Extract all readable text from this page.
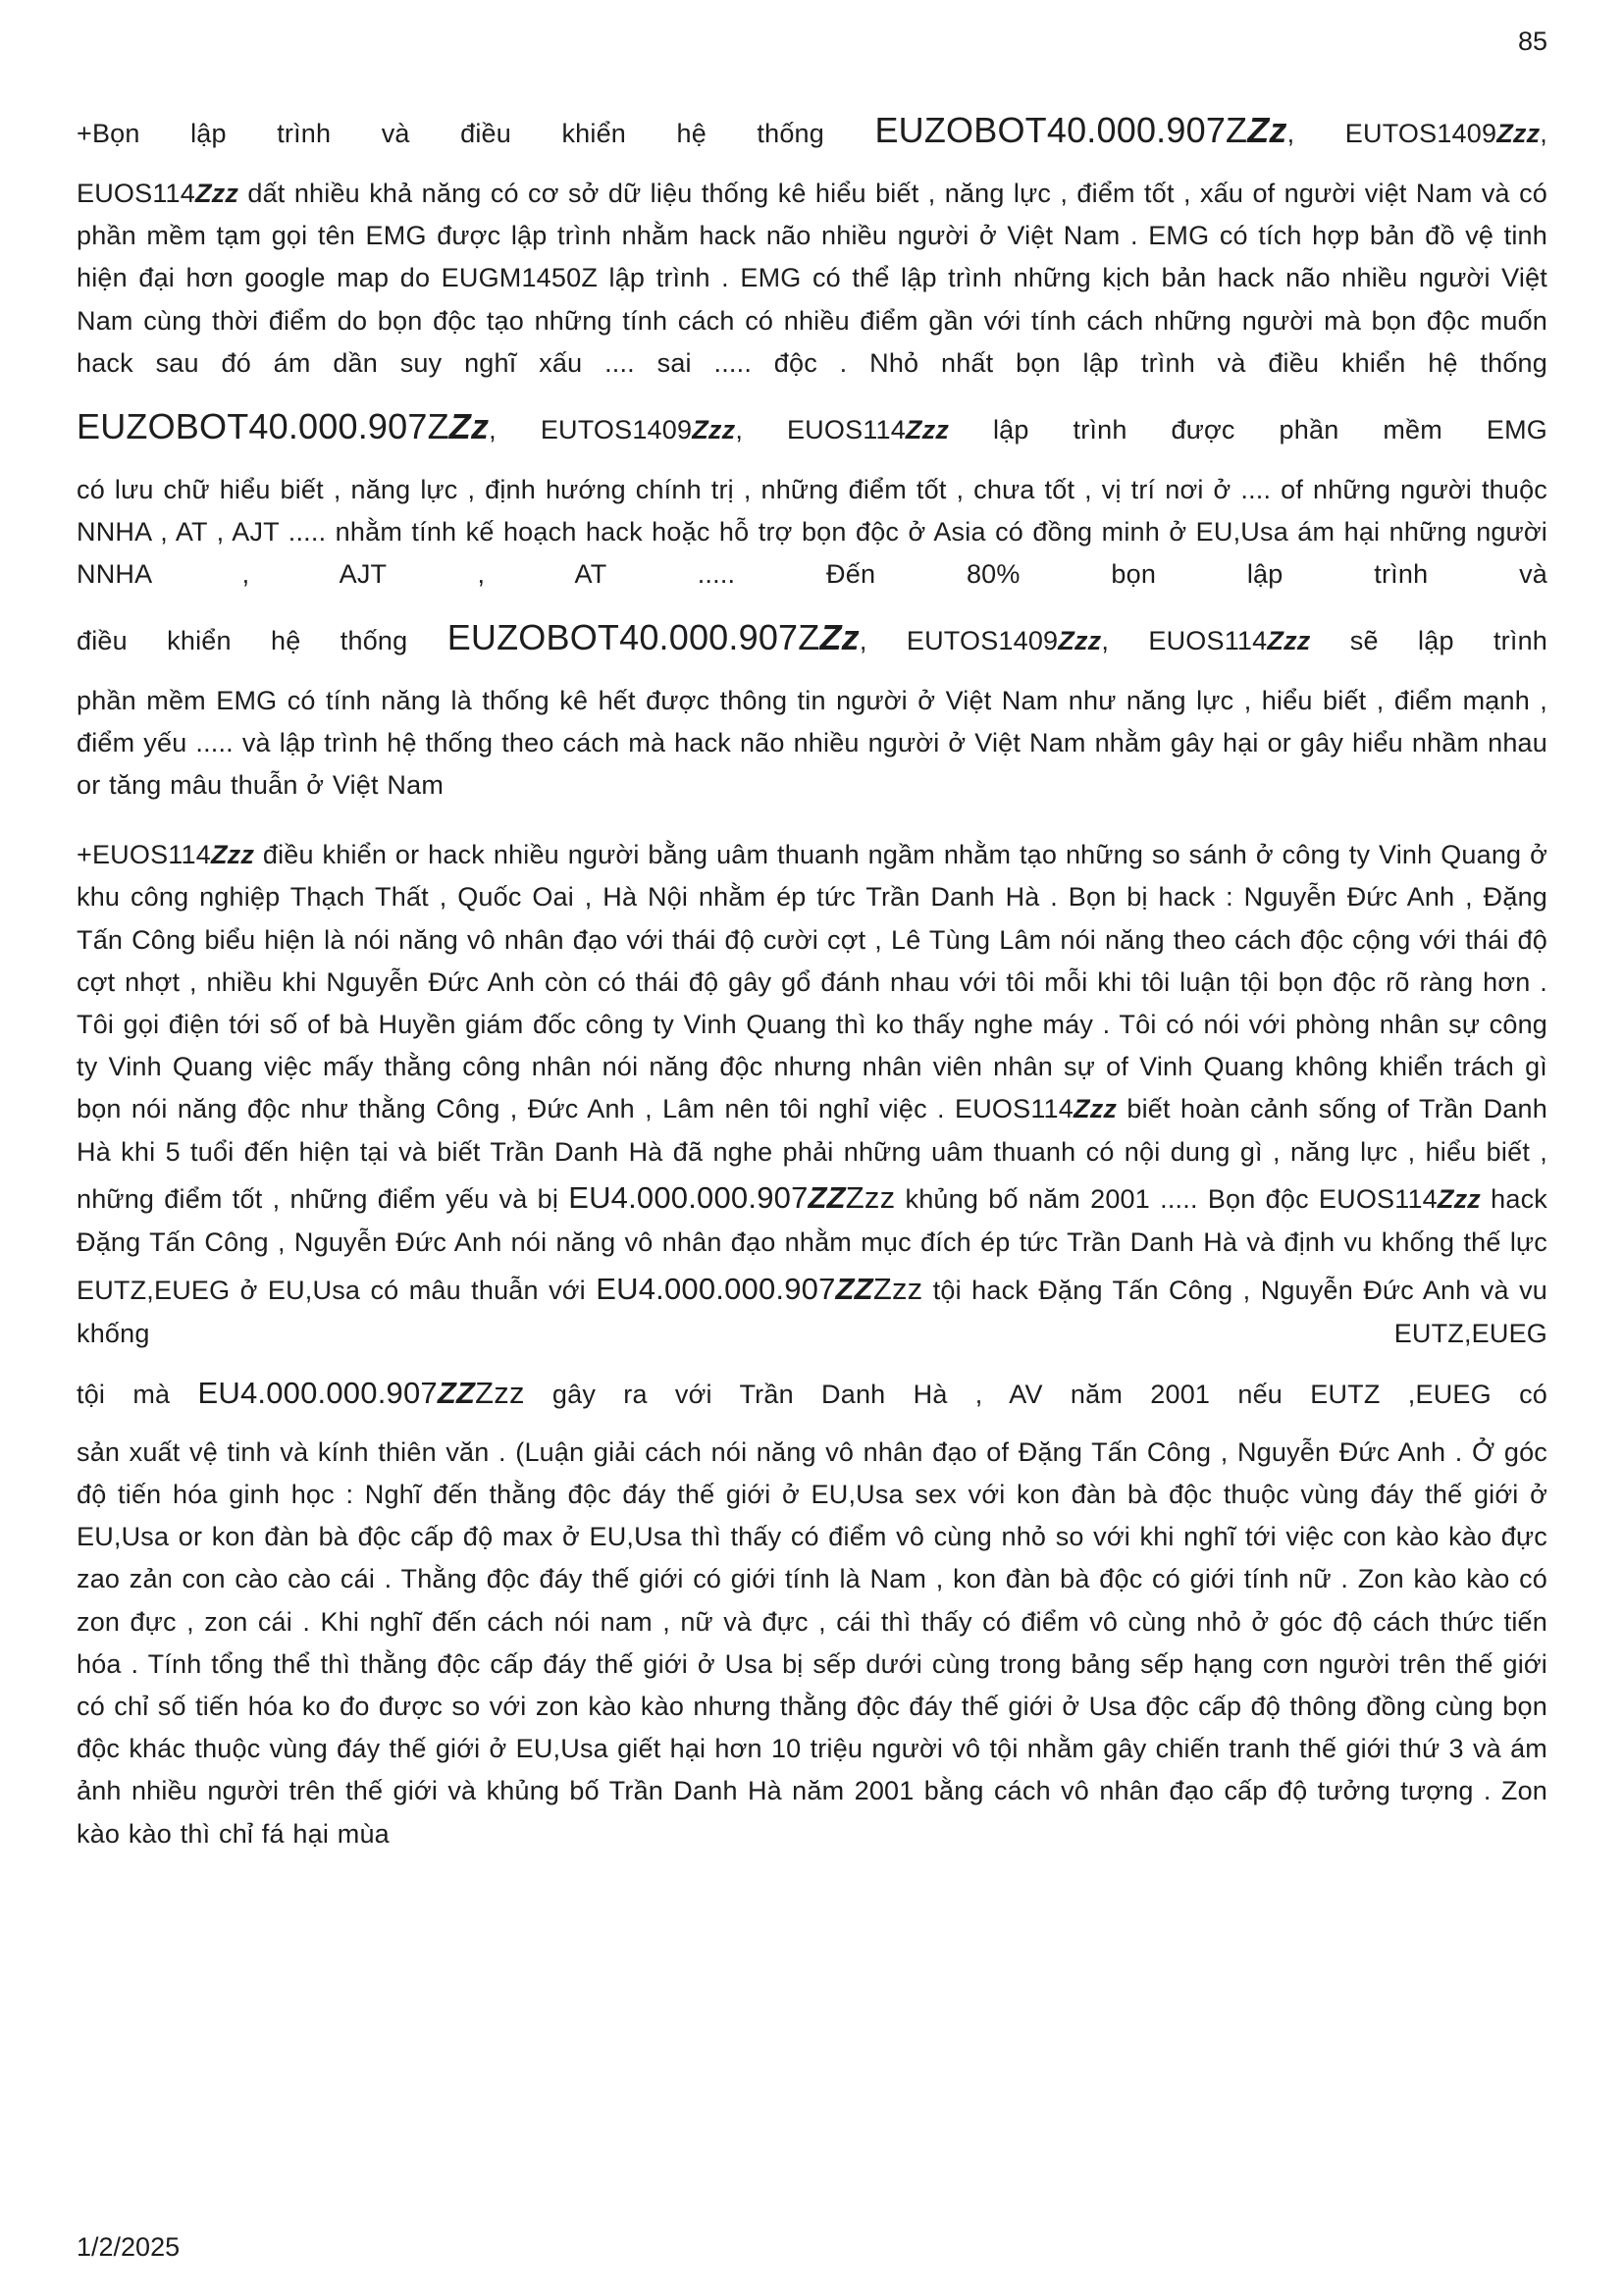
85

+Bọn lập trình và điều khiển hệ thống EUZOBOT40.000.907ZZz, EUTOS1409Zzz,

EUOS114Zzz dất nhiều khả năng có cơ sở dữ liệu thống kê hiểu biết , năng lực , điểm tốt , xấu of người việt Nam và có phần mềm tạm gọi tên EMG được lập trình nhằm hack não nhiều người ở Việt Nam . EMG có tích hợp bản đồ vệ tinh hiện đại hơn google map do EUGM1450Z lập trình . EMG có thể lập trình những kịch bản hack não nhiều người Việt Nam cùng thời điểm do bọn độc tạo những tính cách có nhiều điểm gần với tính cách những người mà bọn độc muốn hack sau đó ám dần suy nghĩ xấu .... sai ..... độc . Nhỏ nhất bọn lập trình và điều khiển hệ thống

EUZOBOT40.000.907ZZz, EUTOS1409Zzz, EUOS114Zzz lập trình được phần mềm EMG

có lưu chữ hiểu biết , năng lực , định hướng chính trị , những điểm tốt , chưa tốt , vị trí nơi ở .... of những người thuộc NNHA , AT , AJT ..... nhằm tính kế hoạch hack hoặc hỗ trợ bọn độc ở Asia có đồng minh ở EU,Usa ám hại những người NNHA , AJT , AT ..... Đến 80% bọn lập trình và

điều khiển hệ thống EUZOBOT40.000.907ZZz, EUTOS1409Zzz, EUOS114Zzz sẽ lập trình

phần mềm EMG có tính năng là thống kê hết được thông tin người ở Việt Nam như năng lực , hiểu biết , điểm mạnh , điểm yếu ..... và lập trình hệ thống theo cách mà hack não nhiều người ở Việt Nam nhằm gây hại or gây hiểu nhầm nhau or tăng mâu thuẫn ở Việt Nam

+EUOS114Zzz điều khiển or hack nhiều người bằng uâm thuanh ngầm nhằm tạo những so sánh ở công ty Vinh Quang ở khu công nghiệp Thạch Thất , Quốc Oai , Hà Nội nhằm ép tức Trần Danh Hà . Bọn bị hack : Nguyễn Đức Anh , Đặng Tấn Công biểu hiện là nói năng vô nhân đạo với thái độ cười cợt , Lê Tùng Lâm nói năng theo cách độc cộng với thái độ cợt nhợt , nhiều khi Nguyễn Đức Anh còn có thái độ gây gổ đánh nhau với tôi mỗi khi tôi luận tội bọn độc rõ ràng hơn . Tôi gọi điện tới số of bà Huyền giám đốc công ty Vinh Quang thì ko thấy nghe máy . Tôi có nói với phòng nhân sự công ty Vinh Quang việc mấy thằng công nhân nói năng độc nhưng nhân viên nhân sự of Vinh Quang không khiển trách gì bọn nói năng độc như thằng Công , Đức Anh , Lâm nên tôi nghỉ việc . EUOS114Zzz biết hoàn cảnh sống of Trần Danh Hà khi 5 tuổi đến hiện tại và biết Trần Danh Hà đã nghe phải những uâm thuanh có nội dung gì , năng lực , hiểu biết , những điểm tốt , những điểm yếu và bị EU4.000.000.907ZZZzz khủng bố năm 2001 ..... Bọn độc EUOS114Zzz hack Đặng Tấn Công , Nguyễn Đức Anh nói năng vô nhân đạo nhằm mục đích ép tức Trần Danh Hà và định vu khống thế lực EUTZ,EUEG ở EU,Usa có mâu thuẫn với EU4.000.000.907ZZZzz tội hack Đặng Tấn Công , Nguyễn Đức Anh và vu khống EUTZ,EUEG

tội mà EU4.000.000.907ZZZzz gây ra với Trần Danh Hà , AV năm 2001 nếu EUTZ ,EUEG có

sản xuất vệ tinh và kính thiên văn . (Luận giải cách nói năng vô nhân đạo of Đặng Tấn Công , Nguyễn Đức Anh . Ở góc độ tiến hóa ginh học : Nghĩ đến thằng độc đáy thế giới ở EU,Usa sex với kon đàn bà độc thuộc vùng đáy thế giới ở EU,Usa or kon đàn bà độc cấp độ max ở EU,Usa thì thấy có điểm vô cùng nhỏ so với khi nghĩ tới việc con kào kào đực zao zản con cào cào cái . Thằng độc đáy thế giới có giới tính là Nam , kon đàn bà độc có giới tính nữ . Zon kào kào có zon đực , zon cái . Khi nghĩ đến cách nói nam , nữ và đực , cái thì thấy có điểm vô cùng nhỏ ở góc độ cách thức tiến hóa . Tính tổng thể thì thằng độc cấp đáy thế giới ở Usa bị sếp dưới cùng trong bảng sếp hạng cơn người trên thế giới có chỉ số tiến hóa ko đo được so với zon kào kào nhưng thằng độc đáy thế giới ở Usa độc cấp độ thông đồng cùng bọn độc khác thuộc vùng đáy thế giới ở EU,Usa giết hại hơn 10 triệu người vô tội nhằm gây chiến tranh thế giới thứ 3 và ám ảnh nhiều người trên thế giới và khủng bố Trần Danh Hà năm 2001 bằng cách vô nhân đạo cấp độ tưởng tượng . Zon kào kào thì chỉ fá hại mùa

1/2/2025
